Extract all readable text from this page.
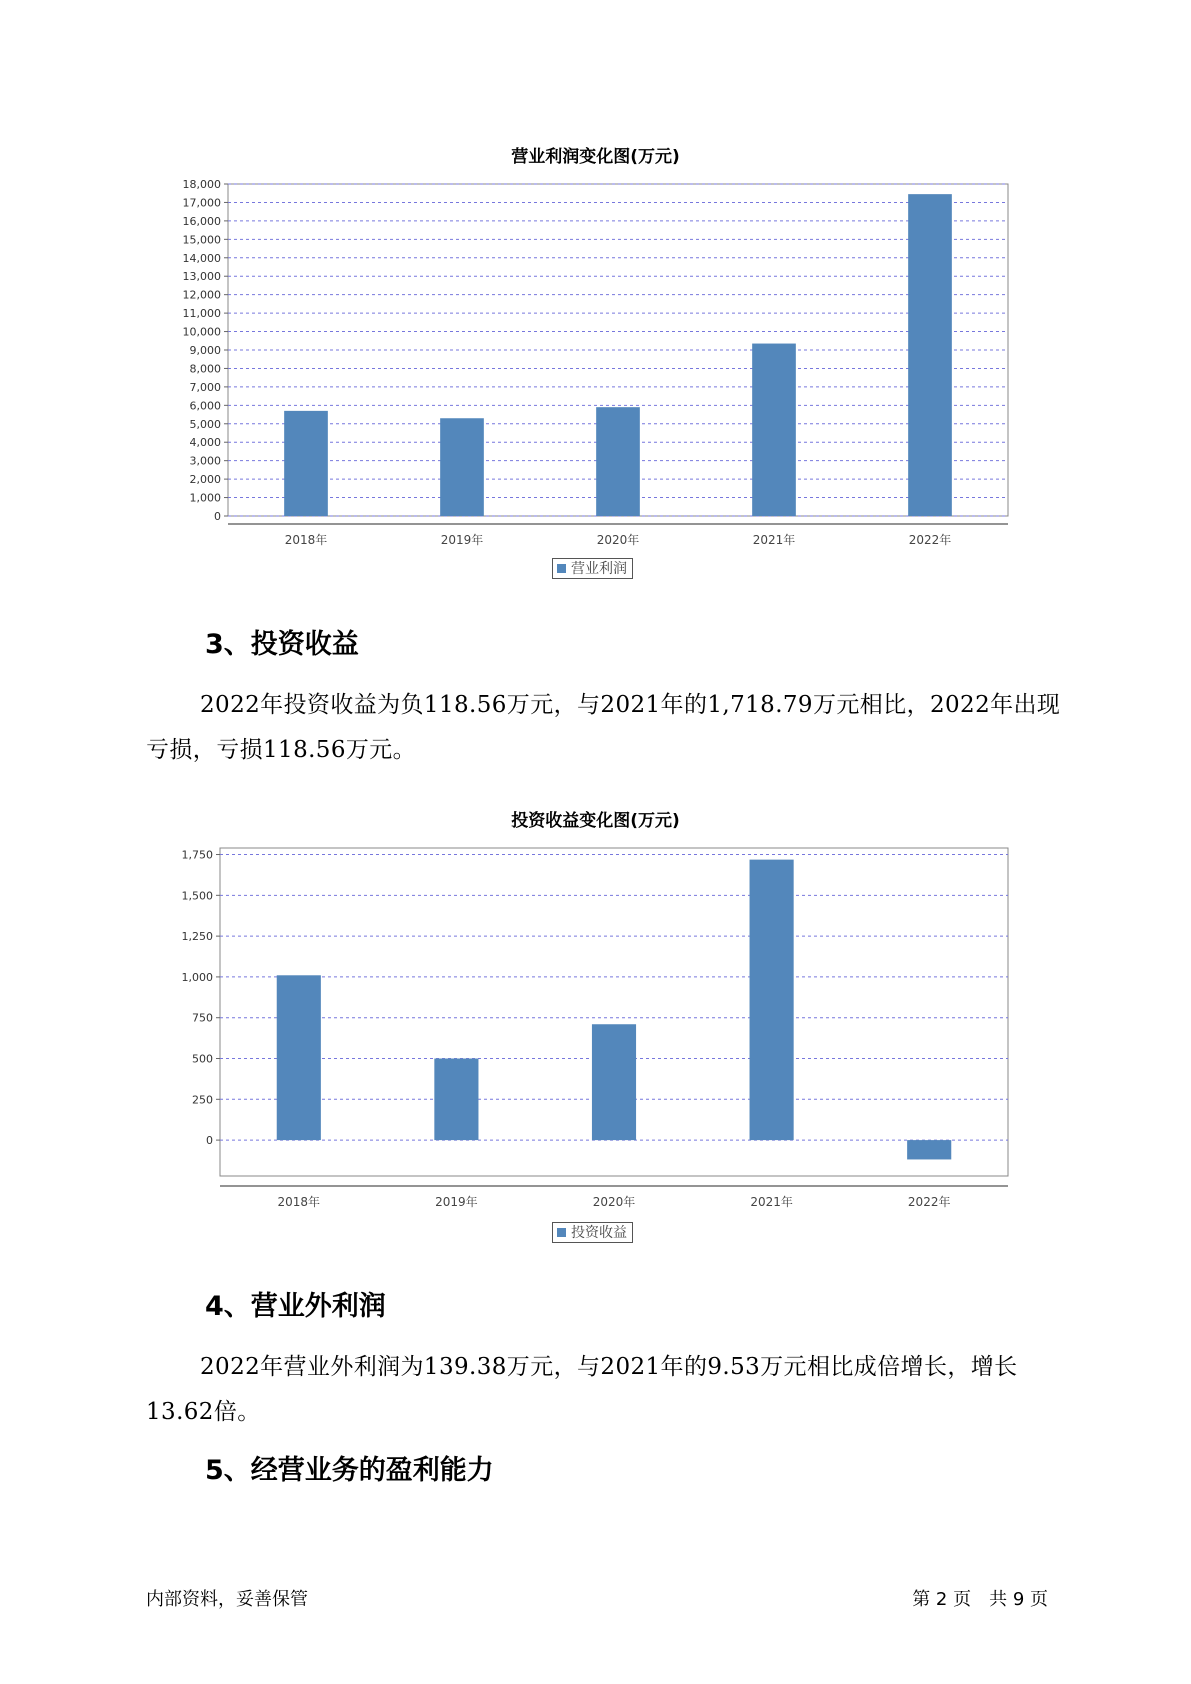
营业利润变化图(万元)
0
1,000
2,000
3,000
4,000
5,000
6,000
7,000
8,000
9,000
10,000
11,000
12,000
13,000
14,000
15,000
16,000
17,000
18,000
2018年	2019年	2020年	2021年	2022年
营业利润
3、投资收益

2022年投资收益为负118.56万元，与2021年的1,718.79万元相比，2022年出现亏损，亏损118.56万元。

投资收益变化图(万元)
0
250
500
750
1,000
1,250
1,500
1,750
2018年	2019年	2020年	2021年	2022年
投资收益
4、营业外利润

2022年营业外利润为139.38万元，与2021年的9.53万元相比成倍增长，增长13.62倍。

5、经营业务的盈利能力
内部资料，妥善保管	第 2 页　共 9 页
